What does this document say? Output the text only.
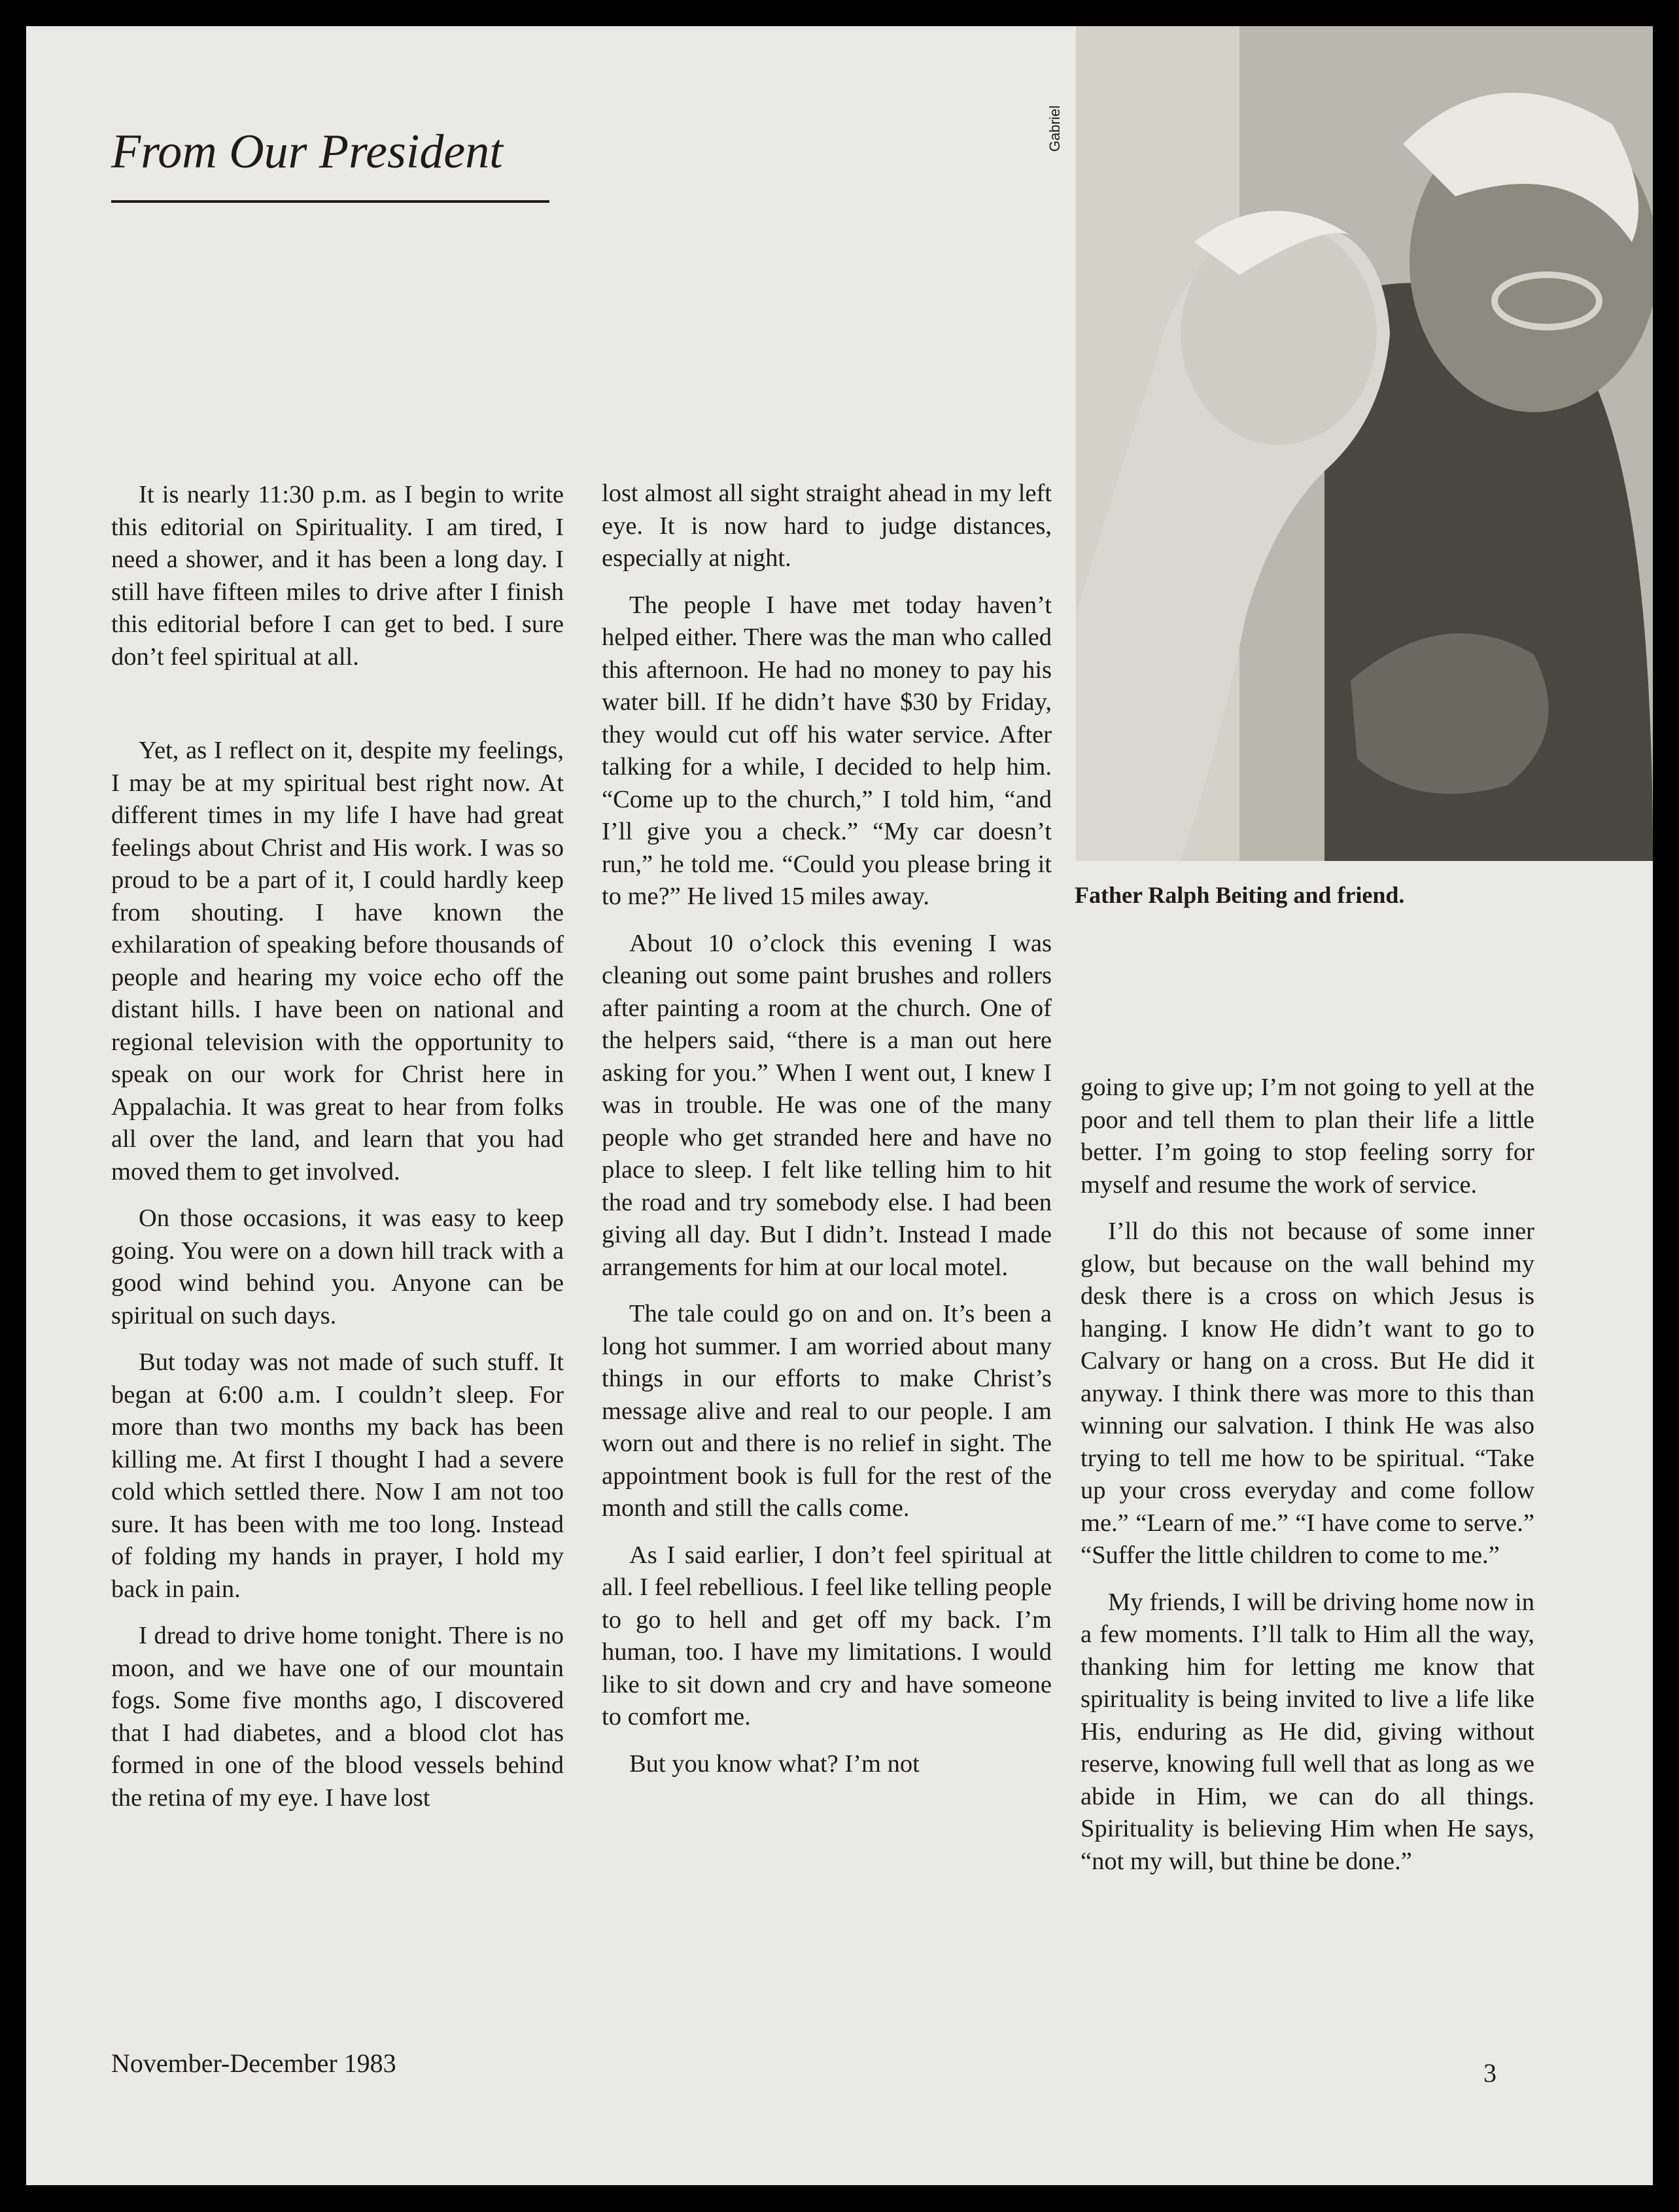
From Our President	Gabriel
Father Ralph Beiting and friend.

It is nearly 11:30 p.m. as I begin to write this editorial on Spirituality. I am tired, I need a shower, and it has been a long day. I still have fifteen miles to drive after I finish this editorial before I can get to bed. I sure don’t feel spiritual at all.

Yet, as I reflect on it, despite my feelings, I may be at my spiritual best right now. At different times in my life I have had great feelings about Christ and His work. I was so proud to be a part of it, I could hardly keep from shouting. I have known the exhilaration of speaking before thousands of people and hearing my voice echo off the distant hills. I have been on national and regional television with the opportunity to speak on our work for Christ here in Appalachia. It was great to hear from folks all over the land, and learn that you had moved them to get involved.

On those occasions, it was easy to keep going. You were on a down hill track with a good wind behind you. Anyone can be spiritual on such days.

But today was not made of such stuff. It began at 6:00 a.m. I couldn’t sleep. For more than two months my back has been killing me. At first I thought I had a severe cold which settled there. Now I am not too sure. It has been with me too long. Instead of folding my hands in prayer, I hold my back in pain.

I dread to drive home tonight. There is no moon, and we have one of our mountain fogs. Some five months ago, I discovered that I had diabetes, and a blood clot has formed in one of the blood vessels behind the retina of my eye. I have lost

lost almost all sight straight ahead in my left eye. It is now hard to judge distances, especially at night.

The people I have met today haven’t helped either. There was the man who called this afternoon. He had no money to pay his water bill. If he didn’t have $30 by Friday, they would cut off his water service. After talking for a while, I decided to help him. “Come up to the church,” I told him, “and I’ll give you a check.” “My car doesn’t run,” he told me. “Could you please bring it to me?” He lived 15 miles away.

About 10 o’clock this evening I was cleaning out some paint brushes and rollers after painting a room at the church. One of the helpers said, “there is a man out here asking for you.” When I went out, I knew I was in trouble. He was one of the many people who get stranded here and have no place to sleep. I felt like telling him to hit the road and try somebody else. I had been giving all day. But I didn’t. Instead I made arrangements for him at our local motel.

The tale could go on and on. It’s been a long hot summer. I am worried about many things in our efforts to make Christ’s message alive and real to our people. I am worn out and there is no relief in sight. The appointment book is full for the rest of the month and still the calls come.

As I said earlier, I don’t feel spiritual at all. I feel rebellious. I feel like telling people to go to hell and get off my back. I’m human, too. I have my limitations. I would like to sit down and cry and have someone to comfort me.

But you know what? I’m not

going to give up; I’m not going to yell at the poor and tell them to plan their life a little better. I’m going to stop feeling sorry for myself and resume the work of service.

I’ll do this not because of some inner glow, but because on the wall behind my desk there is a cross on which Jesus is hanging. I know He didn’t want to go to Calvary or hang on a cross. But He did it anyway. I think there was more to this than winning our salvation. I think He was also trying to tell me how to be spiritual. “Take up your cross everyday and come follow me.” “Learn of me.” “I have come to serve.” “Suffer the little children to come to me.”

My friends, I will be driving home now in a few moments. I’ll talk to Him all the way, thanking him for letting me know that spirituality is being invited to live a life like His, enduring as He did, giving without reserve, knowing full well that as long as we abide in Him, we can do all things. Spirituality is believing Him when He says, “not my will, but thine be done.”

November-December 1983	3
